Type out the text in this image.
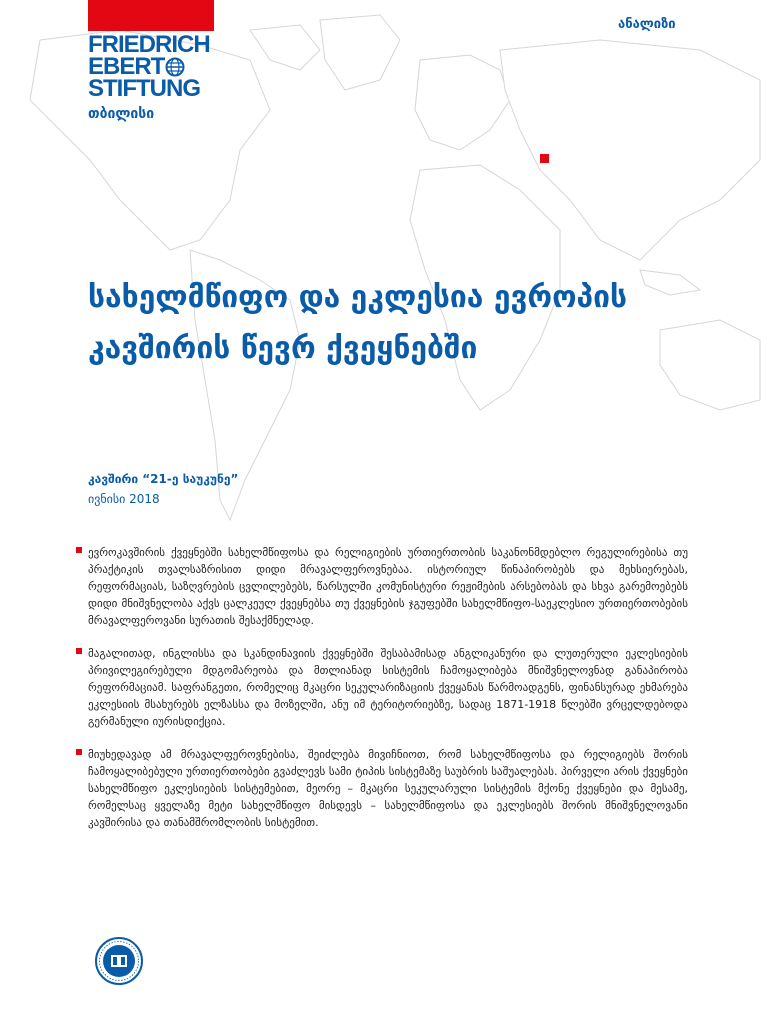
FRIEDRICH
EBERT
STIFTUNG
თბილისი
ანალიზი
სახელმწიფო და ეკლესია ევროპის კავშირის წევრ ქვეყნებში
კავშირი “21-ე საუკუნე”
ივნისი 2018
ევროკავშირის ქვეყნებში სახელმწიფოსა და რელიგიების ურთიერთობის საკანონმდებლო რეგულირებისა თუ პრაქტიკის თვალსაზრისით დიდი მრავალფეროვნებაა. ისტორიულ წინაპირობებს და მეხსიერებას, რეფორმაციას, საზღვრების ცვლილებებს, წარსულში კომუნისტური რეჟიმების არსებობას და სხვა გარემოებებს დიდი მნიშვნელობა აქვს ცალკეულ ქვეყნებსა თუ ქვეყნების ჯგუფებში სახელმწიფო-საეკლესიო ურთიერთობების მრავალფეროვანი სურათის შესაქმნელად.
მაგალითად, ინგლისსა და სკანდინავიის ქვეყნებში შესაბამისად ანგლიკანური და ლუთერული ეკლესიების პრივილეგირებული მდგომარეობა და მთლიანად სისტემის ჩამოყალიბება მნიშვნელოვნად განაპირობა რეფორმაციამ. საფრანგეთი, რომელიც მკაცრი სეკულარიზაციის ქვეყანას წარმოადგენს, ფინანსურად ეხმარება ეკლესიის მსახურებს ელზასსა და მოზელში, ანუ იმ ტერიტორიებზე, სადაც 1871-1918 წლებში ვრცელდებოდა გერმანული იურისდიქცია.
მიუხედავად ამ მრავალფეროვნებისა, შეიძლება მივიჩნიოთ, რომ სახელმწიფოსა და რელიგიებს შორის ჩამოყალიბებული ურთიერთობები გვაძლევს სამი ტიპის სისტემაზე საუბრის საშუალებას. პირველი არის ქვეყნები სახელმწიფო ეკლესიების სისტემებით, მეორე – მკაცრი სეკულარული სისტემის მქონე ქვეყნები და მესამე, რომელსაც ყველაზე მეტი სახელმწიფო მისდევს – სახელმწიფოსა და ეკლესიებს შორის მნიშვნელოვანი კავშირისა და თანამშრომლობის სისტემით.
